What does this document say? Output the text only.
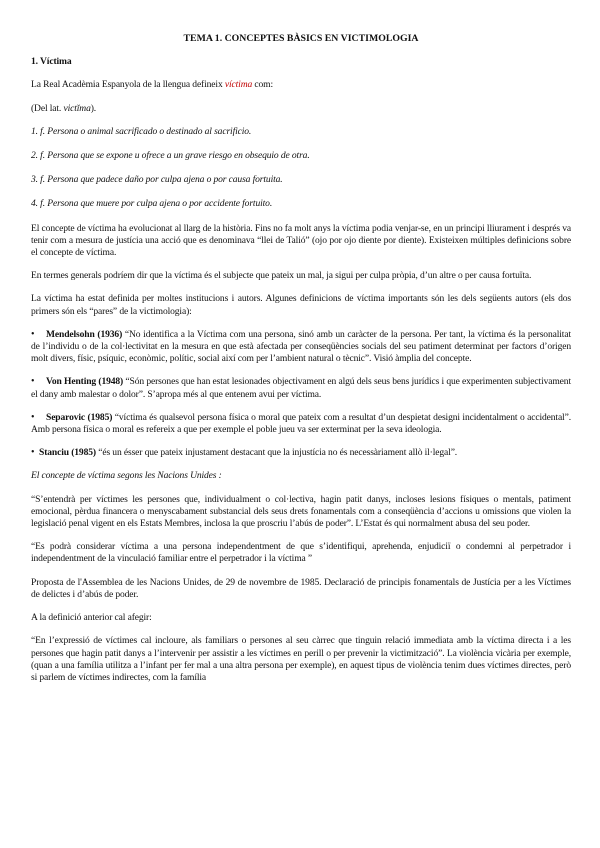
TEMA 1. CONCEPTES BÀSICS EN VICTIMOLOGIA
1. Víctima

La Real Acadèmia Espanyola de la llengua defineix víctima com:

(Del lat. victĭma).

1. f. Persona o animal sacrificado o destinado al sacrificio.
2. f. Persona que se expone u ofrece a un grave riesgo en obsequio de otra.
3. f. Persona que padece daño por culpa ajena o por causa fortuita.
4. f. Persona que muere por culpa ajena o por accidente fortuito.

El concepte de víctima ha evolucionat al llarg de la història. Fins no fa molt anys la víctima podia venjar-se, en un principi lliurament i després va tenir com a mesura de justícia una acció que es denominava “llei de Talió” (ojo por ojo diente por diente). Existeixen múltiples definicions sobre el concepte de víctima.

En termes generals podríem dir que la víctima és el subjecte que pateix un mal, ja sigui per culpa pròpia, d’un altre o per causa fortuïta.

La víctima ha estat definida per moltes institucions i autors. Algunes definicions de víctima importants són les dels següents autors (els dos primers són els “pares” de la victimologia):

• Mendelsohn (1936) “No identifica a la Víctima com una persona, sinó amb un caràcter de la persona. Per tant, la víctima és la personalitat de l’individu o de la col·lectivitat en la mesura en que està afectada per conseqüències socials del seu patiment determinat per factors d’origen molt divers, físic, psíquic, econòmic, polític, social així com per l’ambient natural o tècnic”. Visió àmplia del concepte.

• Von Henting (1948) “Són persones que han estat lesionades objectivament en algú dels seus bens jurídics i que experimenten subjectivament el dany amb malestar o dolor”. S’apropa més al que entenem avui per víctima.

• Separovic (1985) “víctima és qualsevol persona física o moral que pateix com a resultat d’un despietat designi incidentalment o accidental”. Amb persona física o moral es refereix a que per exemple el poble jueu va ser exterminat per la seva ideologia.

• Stanciu (1985) “és un ésser que pateix injustament destacant que la injustícia no és necessàriament allò il·legal”.

El concepte de víctima segons les Nacions Unides :

“S’entendrà per víctimes les persones que, individualment o col·lectiva, hagin patit danys, incloses lesions físiques o mentals, patiment emocional, pèrdua financera o menyscabament substancial dels seus drets fonamentals com a conseqüència d’accions u omissions que violen la legislació penal vigent en els Estats Membres, inclosa la que proscriu l’abús de poder”. L’Estat és qui normalment abusa del seu poder.

“Es podrà considerar víctima a una persona independentment de que s’identifiqui, aprehenda, enjudiciï o condemni al perpetrador i independentment de la vinculació familiar entre el perpetrador i la víctima ”

Proposta de l'Assemblea de les Nacions Unides, de 29 de novembre de 1985. Declaració de principis fonamentals de Justícia per a les Víctimes de delictes i d’abús de poder.

A la definició anterior cal afegir:

“En l’expressió de víctimes cal incloure, als familiars o persones al seu càrrec que tinguin relació immediata amb la víctima directa i a les persones que hagin patit danys a l’intervenir per assistir a les víctimes en perill o per prevenir la victimització”. La violència vicària per exemple, (quan a una família utilitza a l’infant per fer mal a una altra persona per exemple), en aquest tipus de violència tenim dues víctimes directes, però si parlem de víctimes indirectes, com la família
